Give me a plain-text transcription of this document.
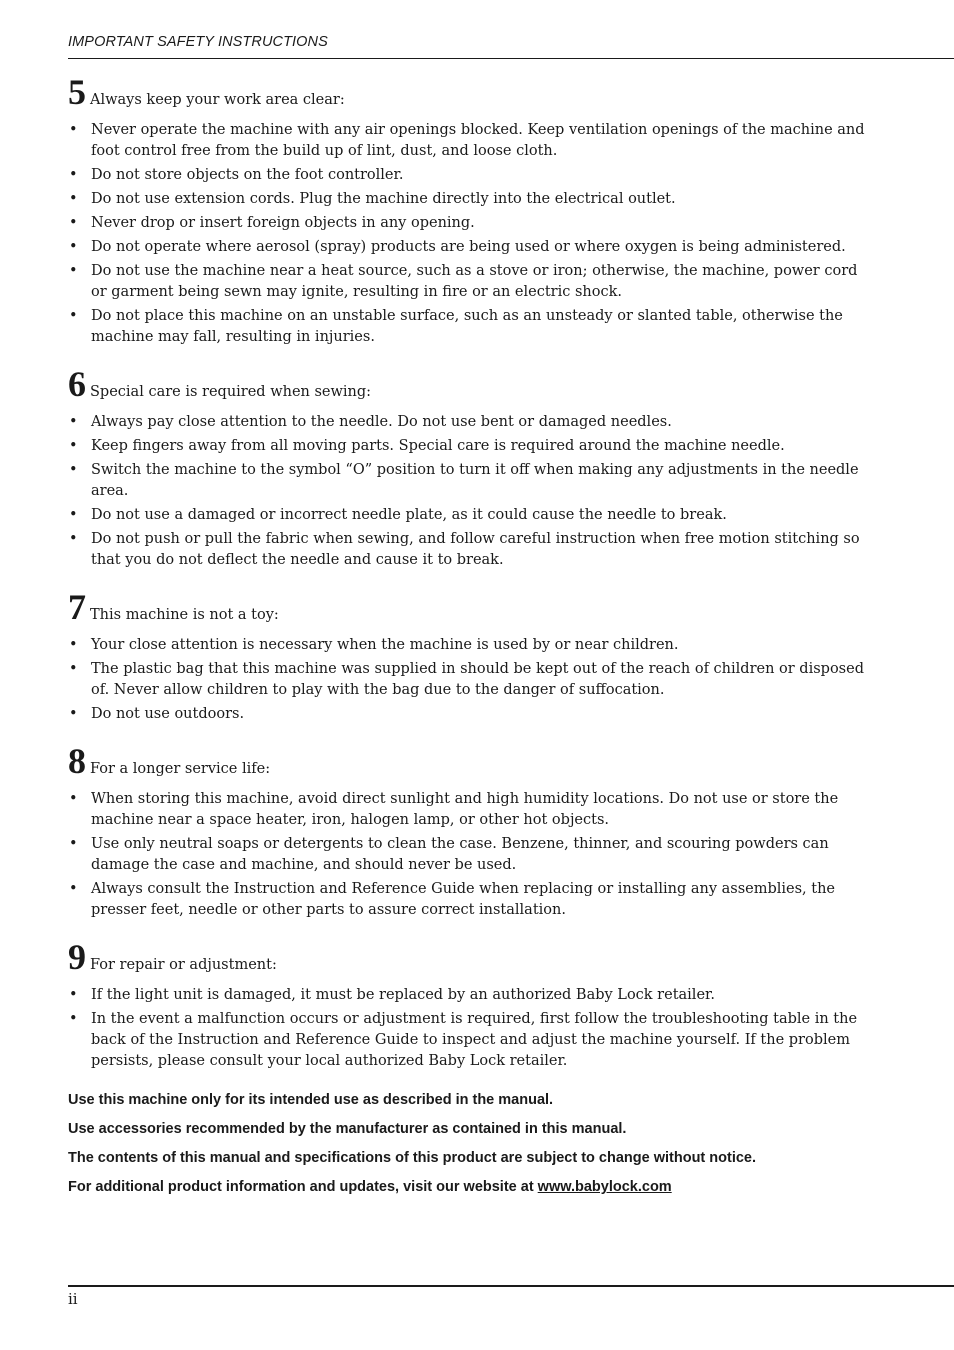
IMPORTANT SAFETY INSTRUCTIONS
5 Always keep your work area clear:
• Never operate the machine with any air openings blocked. Keep ventilation openings of the machine and foot control free from the build up of lint, dust, and loose cloth.
• Do not store objects on the foot controller.
• Do not use extension cords. Plug the machine directly into the electrical outlet.
• Never drop or insert foreign objects in any opening.
• Do not operate where aerosol (spray) products are being used or where oxygen is being administered.
• Do not use the machine near a heat source, such as a stove or iron; otherwise, the machine, power cord or garment being sewn may ignite, resulting in fire or an electric shock.
• Do not place this machine on an unstable surface, such as an unsteady or slanted table, otherwise the machine may fall, resulting in injuries.
6 Special care is required when sewing:
• Always pay close attention to the needle. Do not use bent or damaged needles.
• Keep fingers away from all moving parts. Special care is required around the machine needle.
• Switch the machine to the symbol “O” position to turn it off when making any adjustments in the needle area.
• Do not use a damaged or incorrect needle plate, as it could cause the needle to break.
• Do not push or pull the fabric when sewing, and follow careful instruction when free motion stitching so that you do not deflect the needle and cause it to break.
7 This machine is not a toy:
• Your close attention is necessary when the machine is used by or near children.
• The plastic bag that this machine was supplied in should be kept out of the reach of children or disposed of. Never allow children to play with the bag due to the danger of suffocation.
• Do not use outdoors.
8 For a longer service life:
• When storing this machine, avoid direct sunlight and high humidity locations. Do not use or store the machine near a space heater, iron, halogen lamp, or other hot objects.
• Use only neutral soaps or detergents to clean the case. Benzene, thinner, and scouring powders can damage the case and machine, and should never be used.
• Always consult the Instruction and Reference Guide when replacing or installing any assemblies, the presser feet, needle or other parts to assure correct installation.
9 For repair or adjustment:
• If the light unit is damaged, it must be replaced by an authorized Baby Lock retailer.
• In the event a malfunction occurs or adjustment is required, first follow the troubleshooting table in the back of the Instruction and Reference Guide to inspect and adjust the machine yourself. If the problem persists, please consult your local authorized Baby Lock retailer.
Use this machine only for its intended use as described in the manual.
Use accessories recommended by the manufacturer as contained in this manual.
The contents of this manual and specifications of this product are subject to change without notice.
For additional product information and updates, visit our website at www.babylock.com
ii
